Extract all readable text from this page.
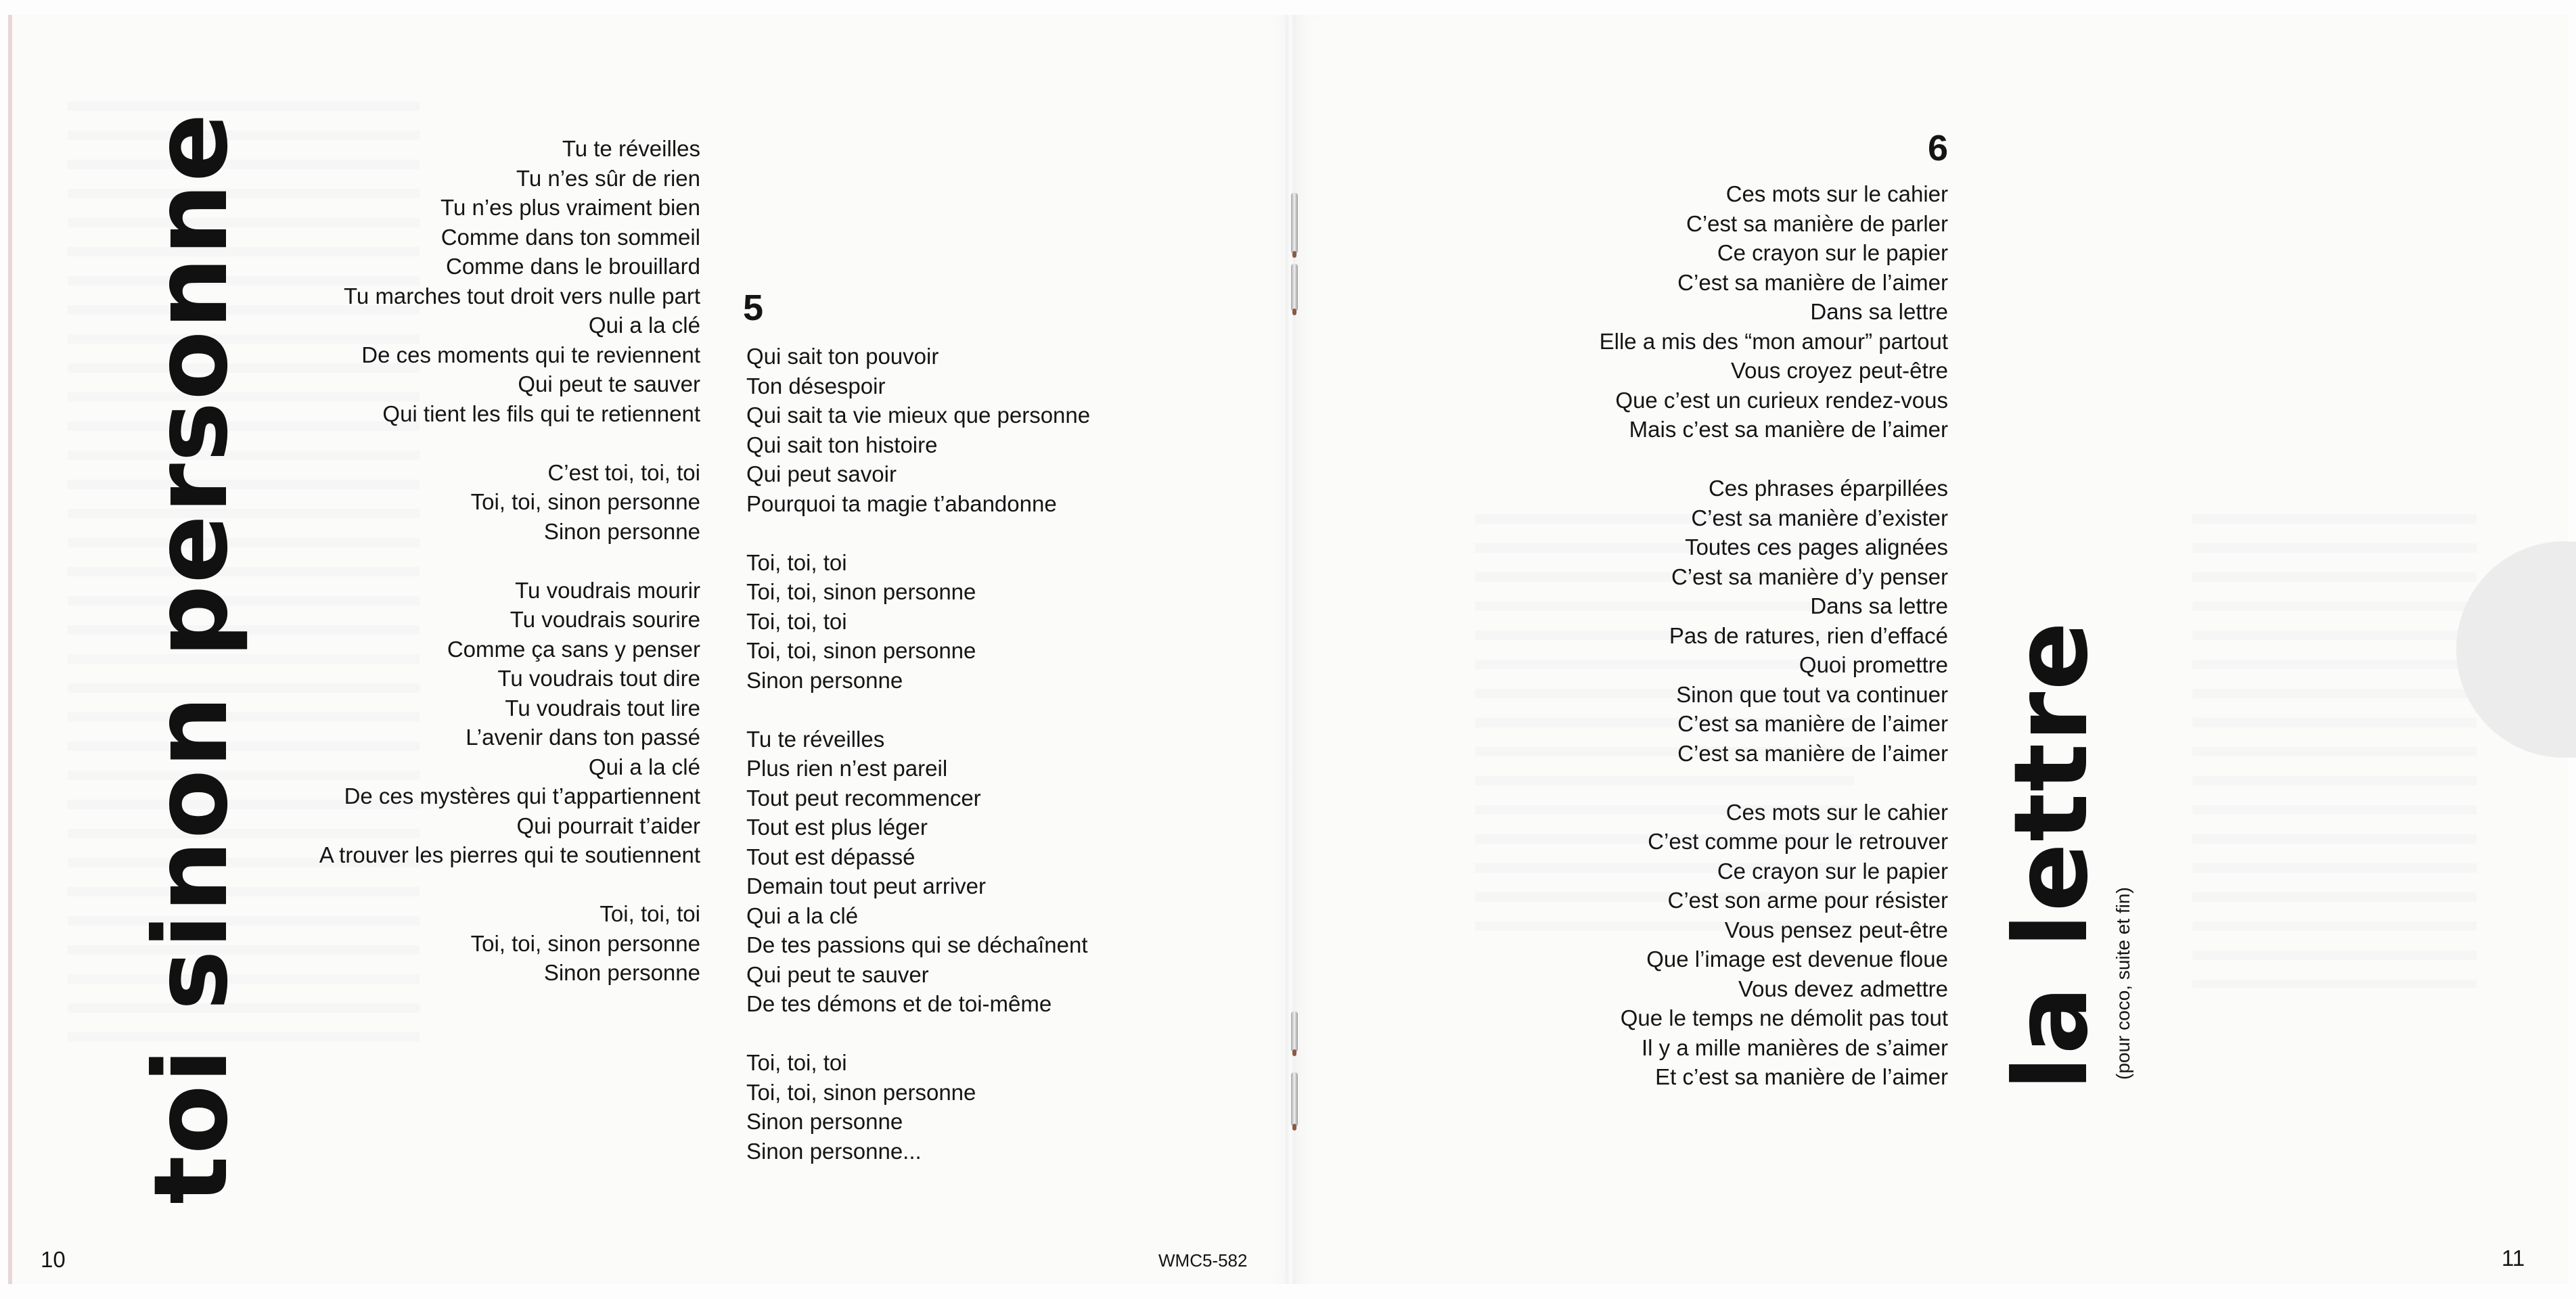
toi sinon personne	Tu te réveilles
Tu n’es sûr de rien
Tu n’es plus vraiment bien
Comme dans ton sommeil
Comme dans le brouillard
Tu marches tout droit vers nulle part
Qui a la clé
De ces moments qui te reviennent
Qui peut te sauver
Qui tient les fils qui te retiennent
C’est toi, toi, toi
Toi, toi, sinon personne
Sinon personne
Tu voudrais mourir
Tu voudrais sourire
Comme ça sans y penser
Tu voudrais tout dire
Tu voudrais tout lire
L’avenir dans ton passé
Qui a la clé
De ces mystères qui t’appartiennent
Qui pourrait t’aider
A trouver les pierres qui te soutiennent
Toi, toi, toi
Toi, toi, sinon personne
Sinon personne
5
Qui sait ton pouvoir
Ton désespoir
Qui sait ta vie mieux que personne
Qui sait ton histoire
Qui peut savoir
Pourquoi ta magie t’abandonne
Toi, toi, toi
Toi, toi, sinon personne
Toi, toi, toi
Toi, toi, sinon personne
Sinon personne
Tu te réveilles
Plus rien n’est pareil
Tout peut recommencer
Tout est plus léger
Tout est dépassé
Demain tout peut arriver
Qui a la clé
De tes passions qui se déchaînent
Qui peut te sauver
De tes démons et de toi-même
Toi, toi, toi
Toi, toi, sinon personne
Sinon personne
Sinon personne...
10	WMC5-582
6
Ces mots sur le cahier
C’est sa manière de parler
Ce crayon sur le papier
C’est sa manière de l’aimer
Dans sa lettre
Elle a mis des “mon amour” partout
Vous croyez peut-être
Que c’est un curieux rendez-vous
Mais c’est sa manière de l’aimer
Ces phrases éparpillées
C’est sa manière d’exister
Toutes ces pages alignées
C’est sa manière d’y penser
Dans sa lettre
Pas de ratures, rien d’effacé
Quoi promettre
Sinon que tout va continuer
C’est sa manière de l’aimer
C’est sa manière de l’aimer
Ces mots sur le cahier
C’est comme pour le retrouver
Ce crayon sur le papier
C’est son arme pour résister
Vous pensez peut-être
Que l’image est devenue floue
Vous devez admettre
Que le temps ne démolit pas tout
Il y a mille manières de s’aimer
Et c’est sa manière de l’aimer la lettre (pour coco, suite et fin)
11
